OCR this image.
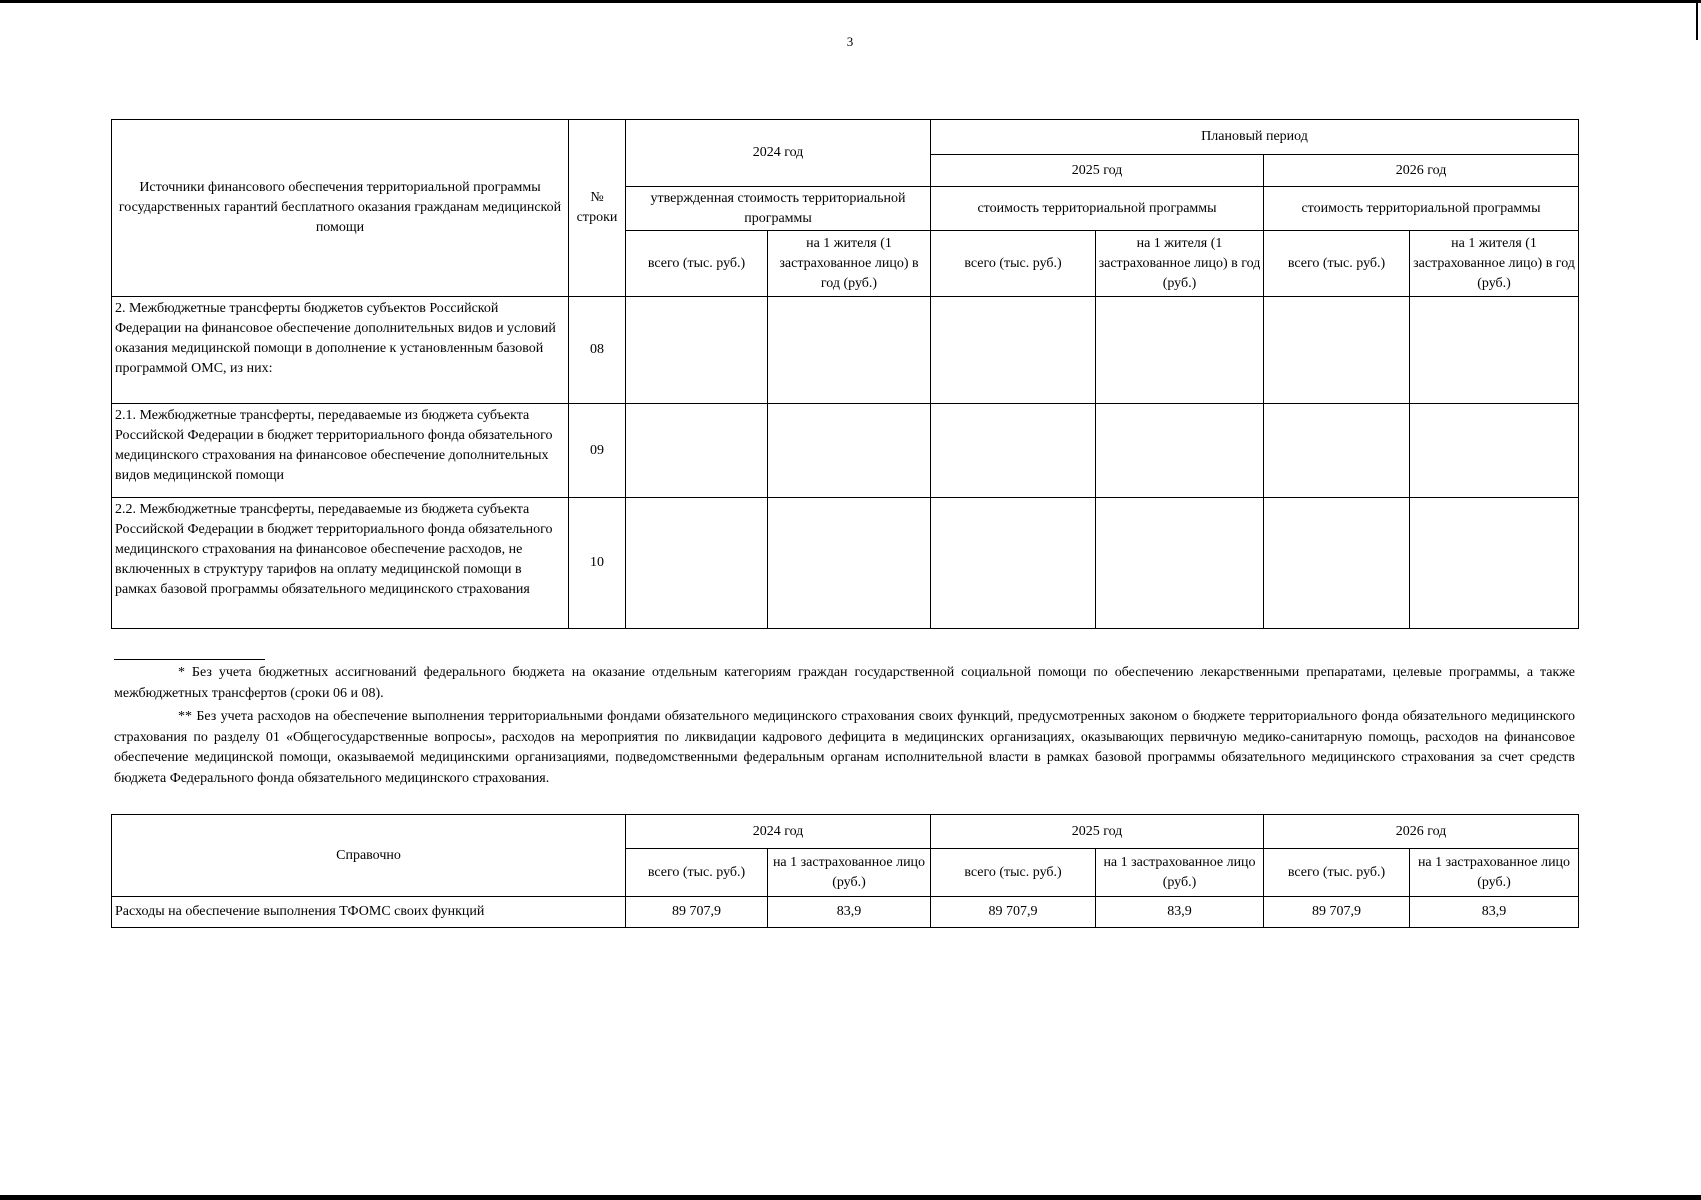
3
Источники финансового обеспечения территориальной программы государственных гарантий бесплатного оказания гражданам медицинской помощи	№ строки	2024 год		Плановый период			
				2025 год		2026 год	
		утвержденная стоимость территориальной программы		стоимость территориальной программы		стоимость территориальной программы	
		всего (тыс. руб.)	на 1 жителя (1 застрахованное лицо) в год (руб.)	всего (тыс. руб.)	на 1 жителя (1 застрахованное лицо) в год (руб.)	всего (тыс. руб.)	на 1 жителя (1 застрахованное лицо) в год (руб.)
2. Межбюджетные трансферты бюджетов субъектов Российской Федерации на финансовое обеспечение дополнительных видов и условий оказания медицинской помощи в дополнение к установленным базовой программой ОМС, из них:	08						
2.1. Межбюджетные трансферты, передаваемые из бюджета субъекта Российской Федерации в бюджет территориального фонда обязательного медицинского страхования на финансовое обеспечение дополнительных видов медицинской помощи	09						
2.2. Межбюджетные трансферты, передаваемые из бюджета субъекта Российской Федерации в бюджет территориального фонда обязательного медицинского страхования на финансовое обеспечение расходов, не включенных в структуру тарифов на оплату медицинской помощи в рамках базовой программы обязательного медицинского страхования	10						

* Без учета бюджетных ассигнований федерального бюджета на оказание отдельным категориям граждан государственной социальной помощи по обеспечению лекарственными препаратами, целевые программы, а также межбюджетных трансфертов (сроки 06 и 08).

** Без учета расходов на обеспечение выполнения территориальными фондами обязательного медицинского страхования своих функций, предусмотренных законом о бюджете территориального фонда обязательного медицинского страхования по разделу 01 «Общегосударственные вопросы», расходов на мероприятия по ликвидации кадрового дефицита в медицинских организациях, оказывающих первичную медико-санитарную помощь, расходов на финансовое обеспечение медицинской помощи, оказываемой медицинскими организациями, подведомственными федеральным органам исполнительной власти в рамках базовой программы обязательного медицинского страхования за счет средств бюджета Федерального фонда обязательного медицинского страхования.

Справочно	2024 год		2025 год		2026 год	
	всего (тыс. руб.)	на 1 застрахованное лицо (руб.)	всего (тыс. руб.)	на 1 застрахованное лицо (руб.)	всего (тыс. руб.)	на 1 застрахованное лицо (руб.)
Расходы на обеспечение выполнения ТФОМС своих функций	89 707,9	83,9	89 707,9	83,9	89 707,9	83,9
